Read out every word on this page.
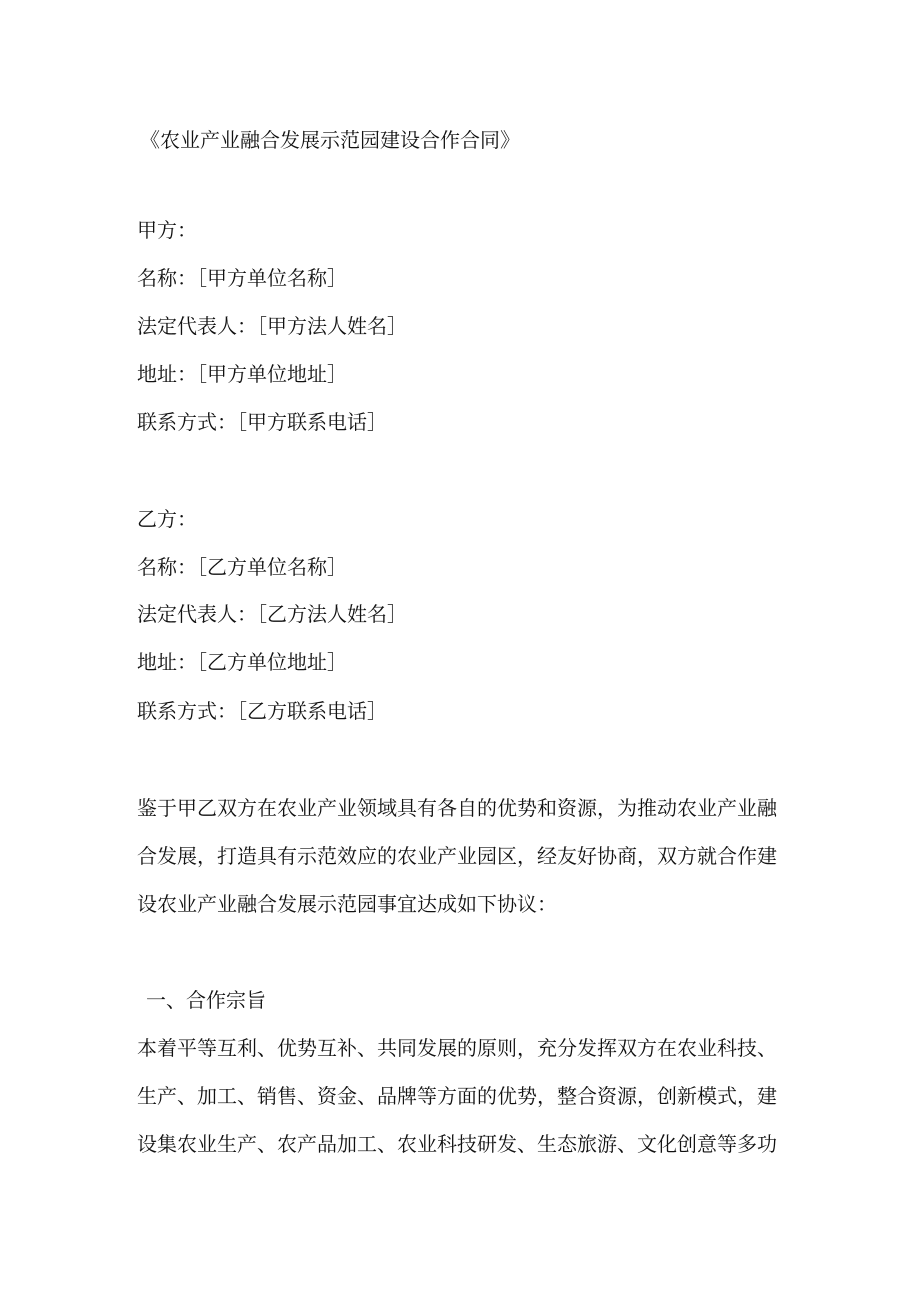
《农业产业融合发展示范园建设合作合同》
甲方：
名称：［甲方单位名称］
法定代表人：［甲方法人姓名］
地址：［甲方单位地址］
联系方式：［甲方联系电话］
乙方：
名称：［乙方单位名称］
法定代表人：［乙方法人姓名］
地址：［乙方单位地址］
联系方式：［乙方联系电话］
鉴于甲乙双方在农业产业领域具有各自的优势和资源，为推动农业产业融
合发展，打造具有示范效应的农业产业园区，经友好协商，双方就合作建
设农业产业融合发展示范园事宜达成如下协议：
一、合作宗旨
本着平等互利、优势互补、共同发展的原则，充分发挥双方在农业科技、
生产、加工、销售、资金、品牌等方面的优势，整合资源，创新模式，建
设集农业生产、农产品加工、农业科技研发、生态旅游、文化创意等多功
